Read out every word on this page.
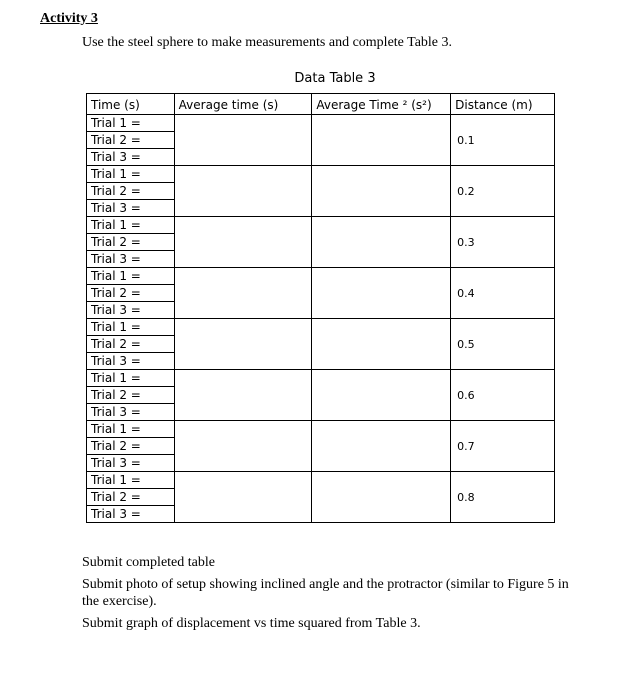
Activity 3

Use the steel sphere to make measurements and complete Table 3.

Data Table 3

Time (s)	Average time (s)	Average Time ² (s²)	Distance (m)
Trial 1 =			0.1
Trial 2 =			
Trial 3 =			
Trial 1 =			0.2
Trial 2 =			
Trial 3 =			
Trial 1 =			0.3
Trial 2 =			
Trial 3 =			
Trial 1 =			0.4
Trial 2 =			
Trial 3 =			
Trial 1 =			0.5
Trial 2 =			
Trial 3 =			
Trial 1 =			0.6
Trial 2 =			
Trial 3 =			
Trial 1 =			0.7
Trial 2 =			
Trial 3 =			
Trial 1 =			0.8
Trial 2 =			
Trial 3 =			

Submit completed table

Submit photo of setup showing inclined angle and the protractor (similar to Figure 5 in the exercise).

Submit graph of displacement vs time squared from Table 3.
